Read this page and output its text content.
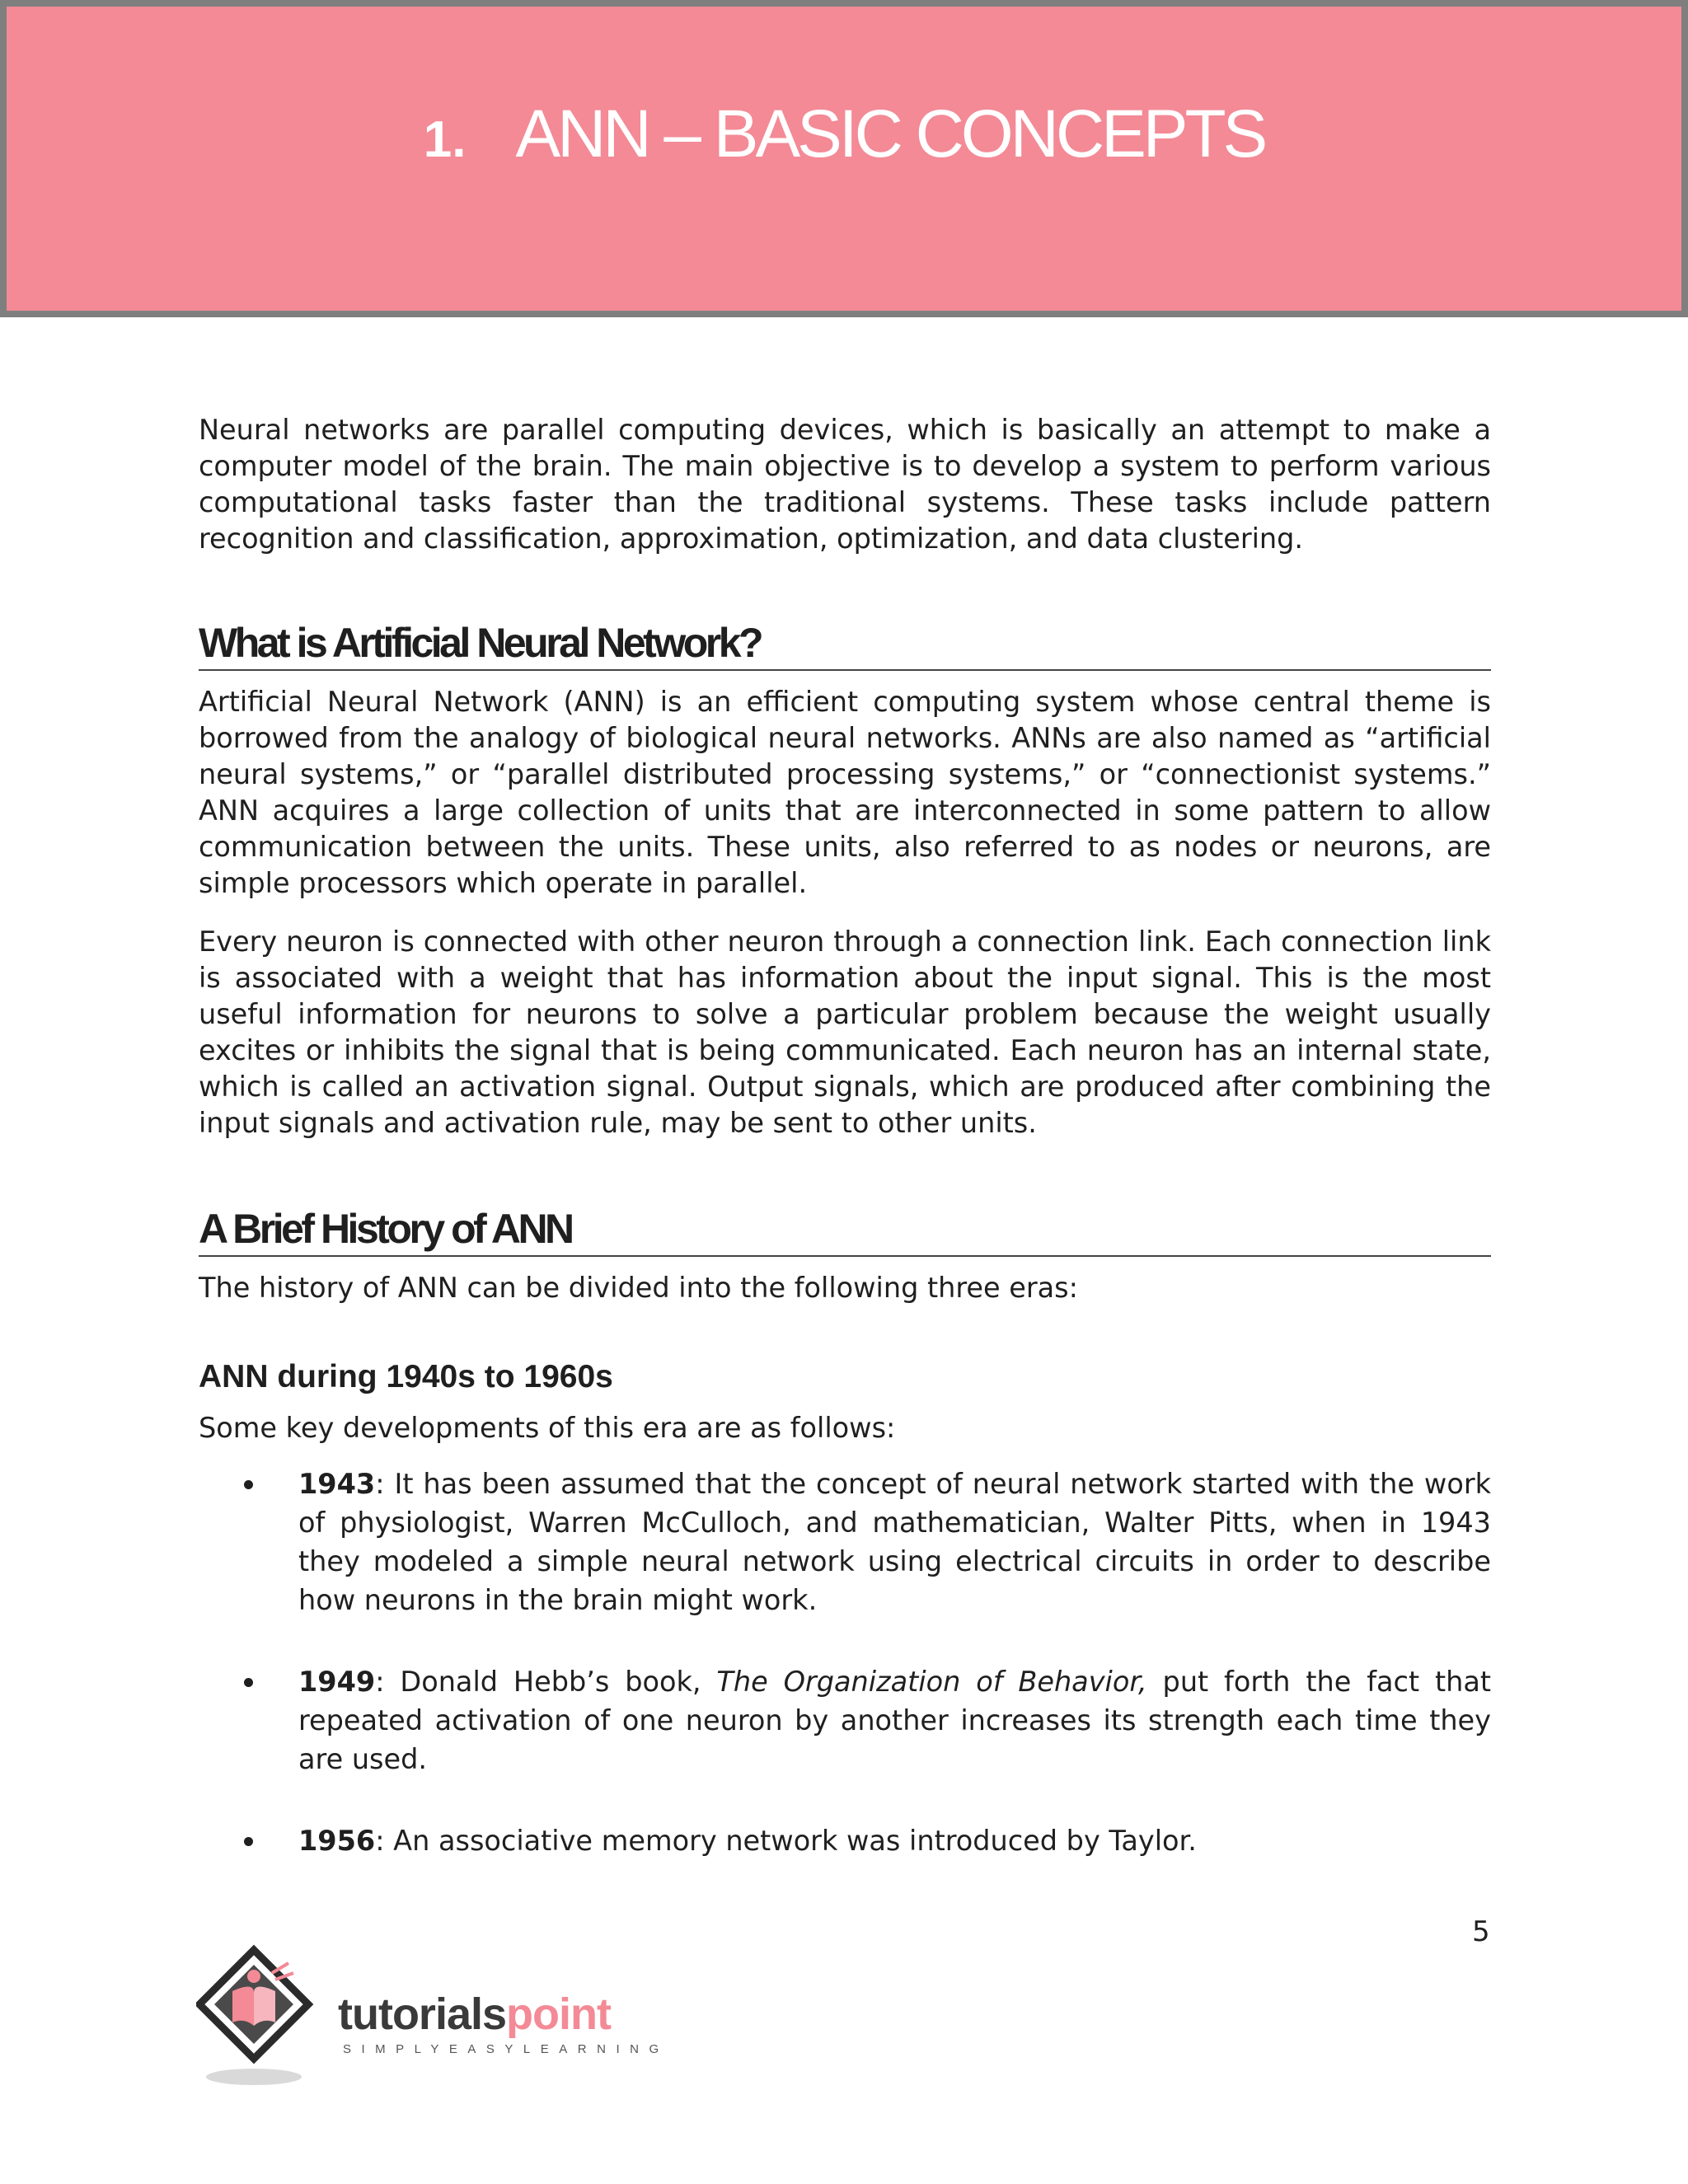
1. ANN – BASIC CONCEPTS

Neural networks are parallel computing devices, which is basically an attempt to make a computer model of the brain. The main objective is to develop a system to perform various computational tasks faster than the traditional systems. These tasks include pattern recognition and classification, approximation, optimization, and data clustering.

What is Artificial Neural Network?

Artificial Neural Network (ANN) is an efficient computing system whose central theme is borrowed from the analogy of biological neural networks. ANNs are also named as “artificial neural systems,” or “parallel distributed processing systems,” or “connectionist systems.” ANN acquires a large collection of units that are interconnected in some pattern to allow communication between the units. These units, also referred to as nodes or neurons, are simple processors which operate in parallel.

Every neuron is connected with other neuron through a connection link. Each connection link is associated with a weight that has information about the input signal. This is the most useful information for neurons to solve a particular problem because the weight usually excites or inhibits the signal that is being communicated. Each neuron has an internal state, which is called an activation signal. Output signals, which are produced after combining the input signals and activation rule, may be sent to other units.

A Brief History of ANN

The history of ANN can be divided into the following three eras:

ANN during 1940s to 1960s

Some key developments of this era are as follows:

1943: It has been assumed that the concept of neural network started with the work of physiologist, Warren McCulloch, and mathematician, Walter Pitts, when in 1943 they modeled a simple neural network using electrical circuits in order to describe how neurons in the brain might work.

1949: Donald Hebb’s book, The Organization of Behavior, put forth the fact that repeated activation of one neuron by another increases its strength each time they are used.

1956: An associative memory network was introduced by Taylor.

5
tutorialspoint
SIMPLYEASYLEARNING
